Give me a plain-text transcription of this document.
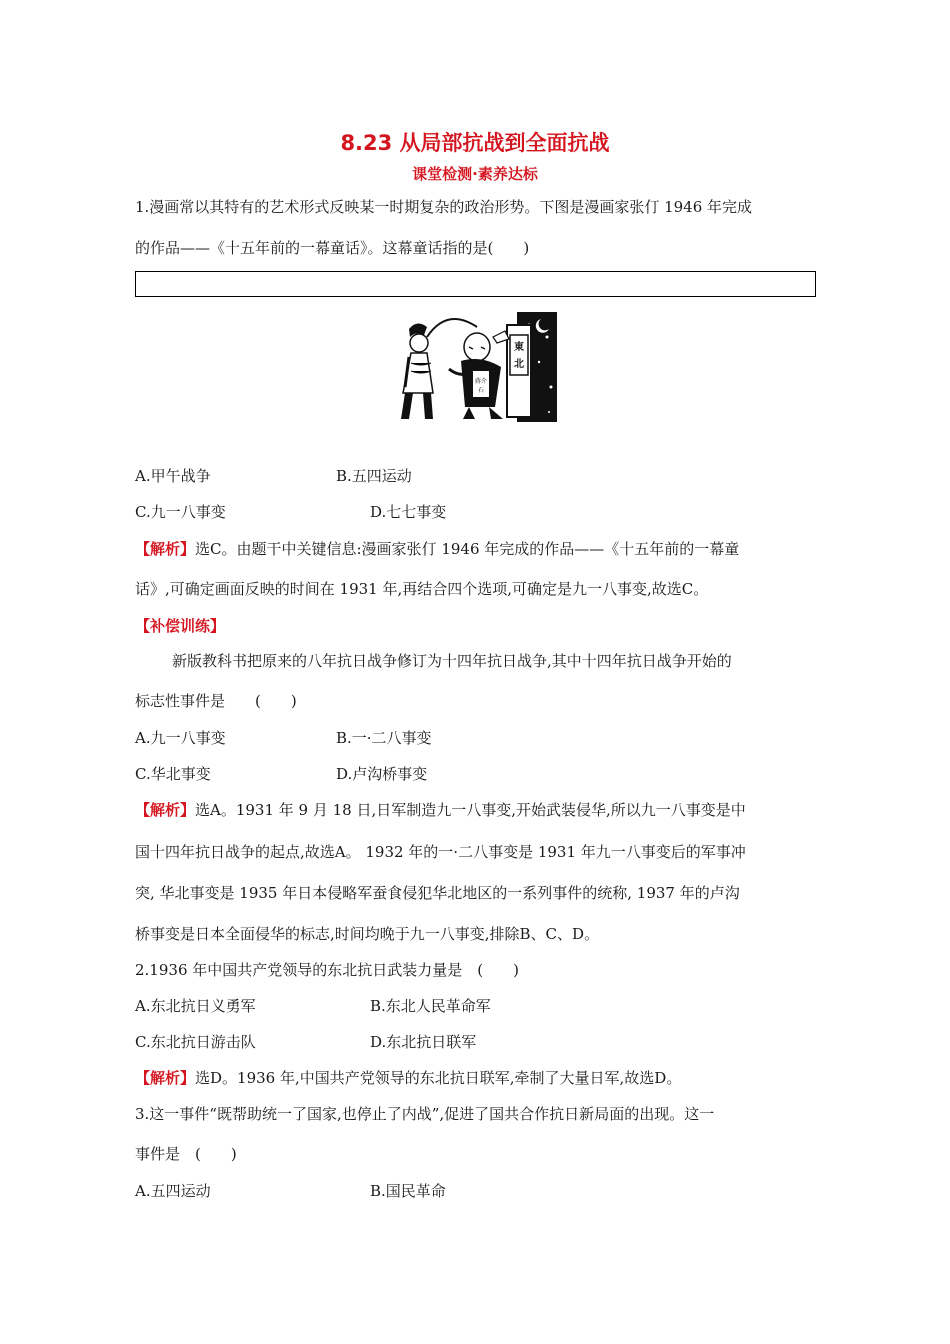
8.23 从局部抗战到全面抗战
课堂检测·素养达标
1.漫画常以其特有的艺术形式反映某一时期复杂的政治形势。下图是漫画家张仃 1946 年完成
的作品——《十五年前的一幕童话》。这幕童话指的是(　　)
東
北
蔣介
石
A.甲午战争	B.五四运动
C.九一八事变	D.七七事变
【解析】选C。由题干中关键信息:漫画家张仃 1946 年完成的作品——《十五年前的一幕童
话》,可确定画面反映的时间在 1931 年,再结合四个选项,可确定是九一八事变,故选C。
【补偿训练】
新版教科书把原来的八年抗日战争修订为十四年抗日战争,其中十四年抗日战争开始的
标志性事件是　　(　　)
A.九一八事变	B.一·二八事变
C.华北事变	D.卢沟桥事变
【解析】选A。1931 年 9 月 18 日,日军制造九一八事变,开始武装侵华,所以九一八事变是中
国十四年抗日战争的起点,故选A。 1932 年的一·二八事变是 1931 年九一八事变后的军事冲
突, 华北事变是 1935 年日本侵略军蚕食侵犯华北地区的一系列事件的统称, 1937 年的卢沟
桥事变是日本全面侵华的标志,时间均晚于九一八事变,排除B、C、D。
2.1936 年中国共产党领导的东北抗日武装力量是　(　　)
A.东北抗日义勇军	B.东北人民革命军
C.东北抗日游击队	D.东北抗日联军
【解析】选D。1936 年,中国共产党领导的东北抗日联军,牵制了大量日军,故选D。
3.这一事件“既帮助统一了国家,也停止了内战”,促进了国共合作抗日新局面的出现。这一
事件是　(　　)
A.五四运动	B.国民革命
